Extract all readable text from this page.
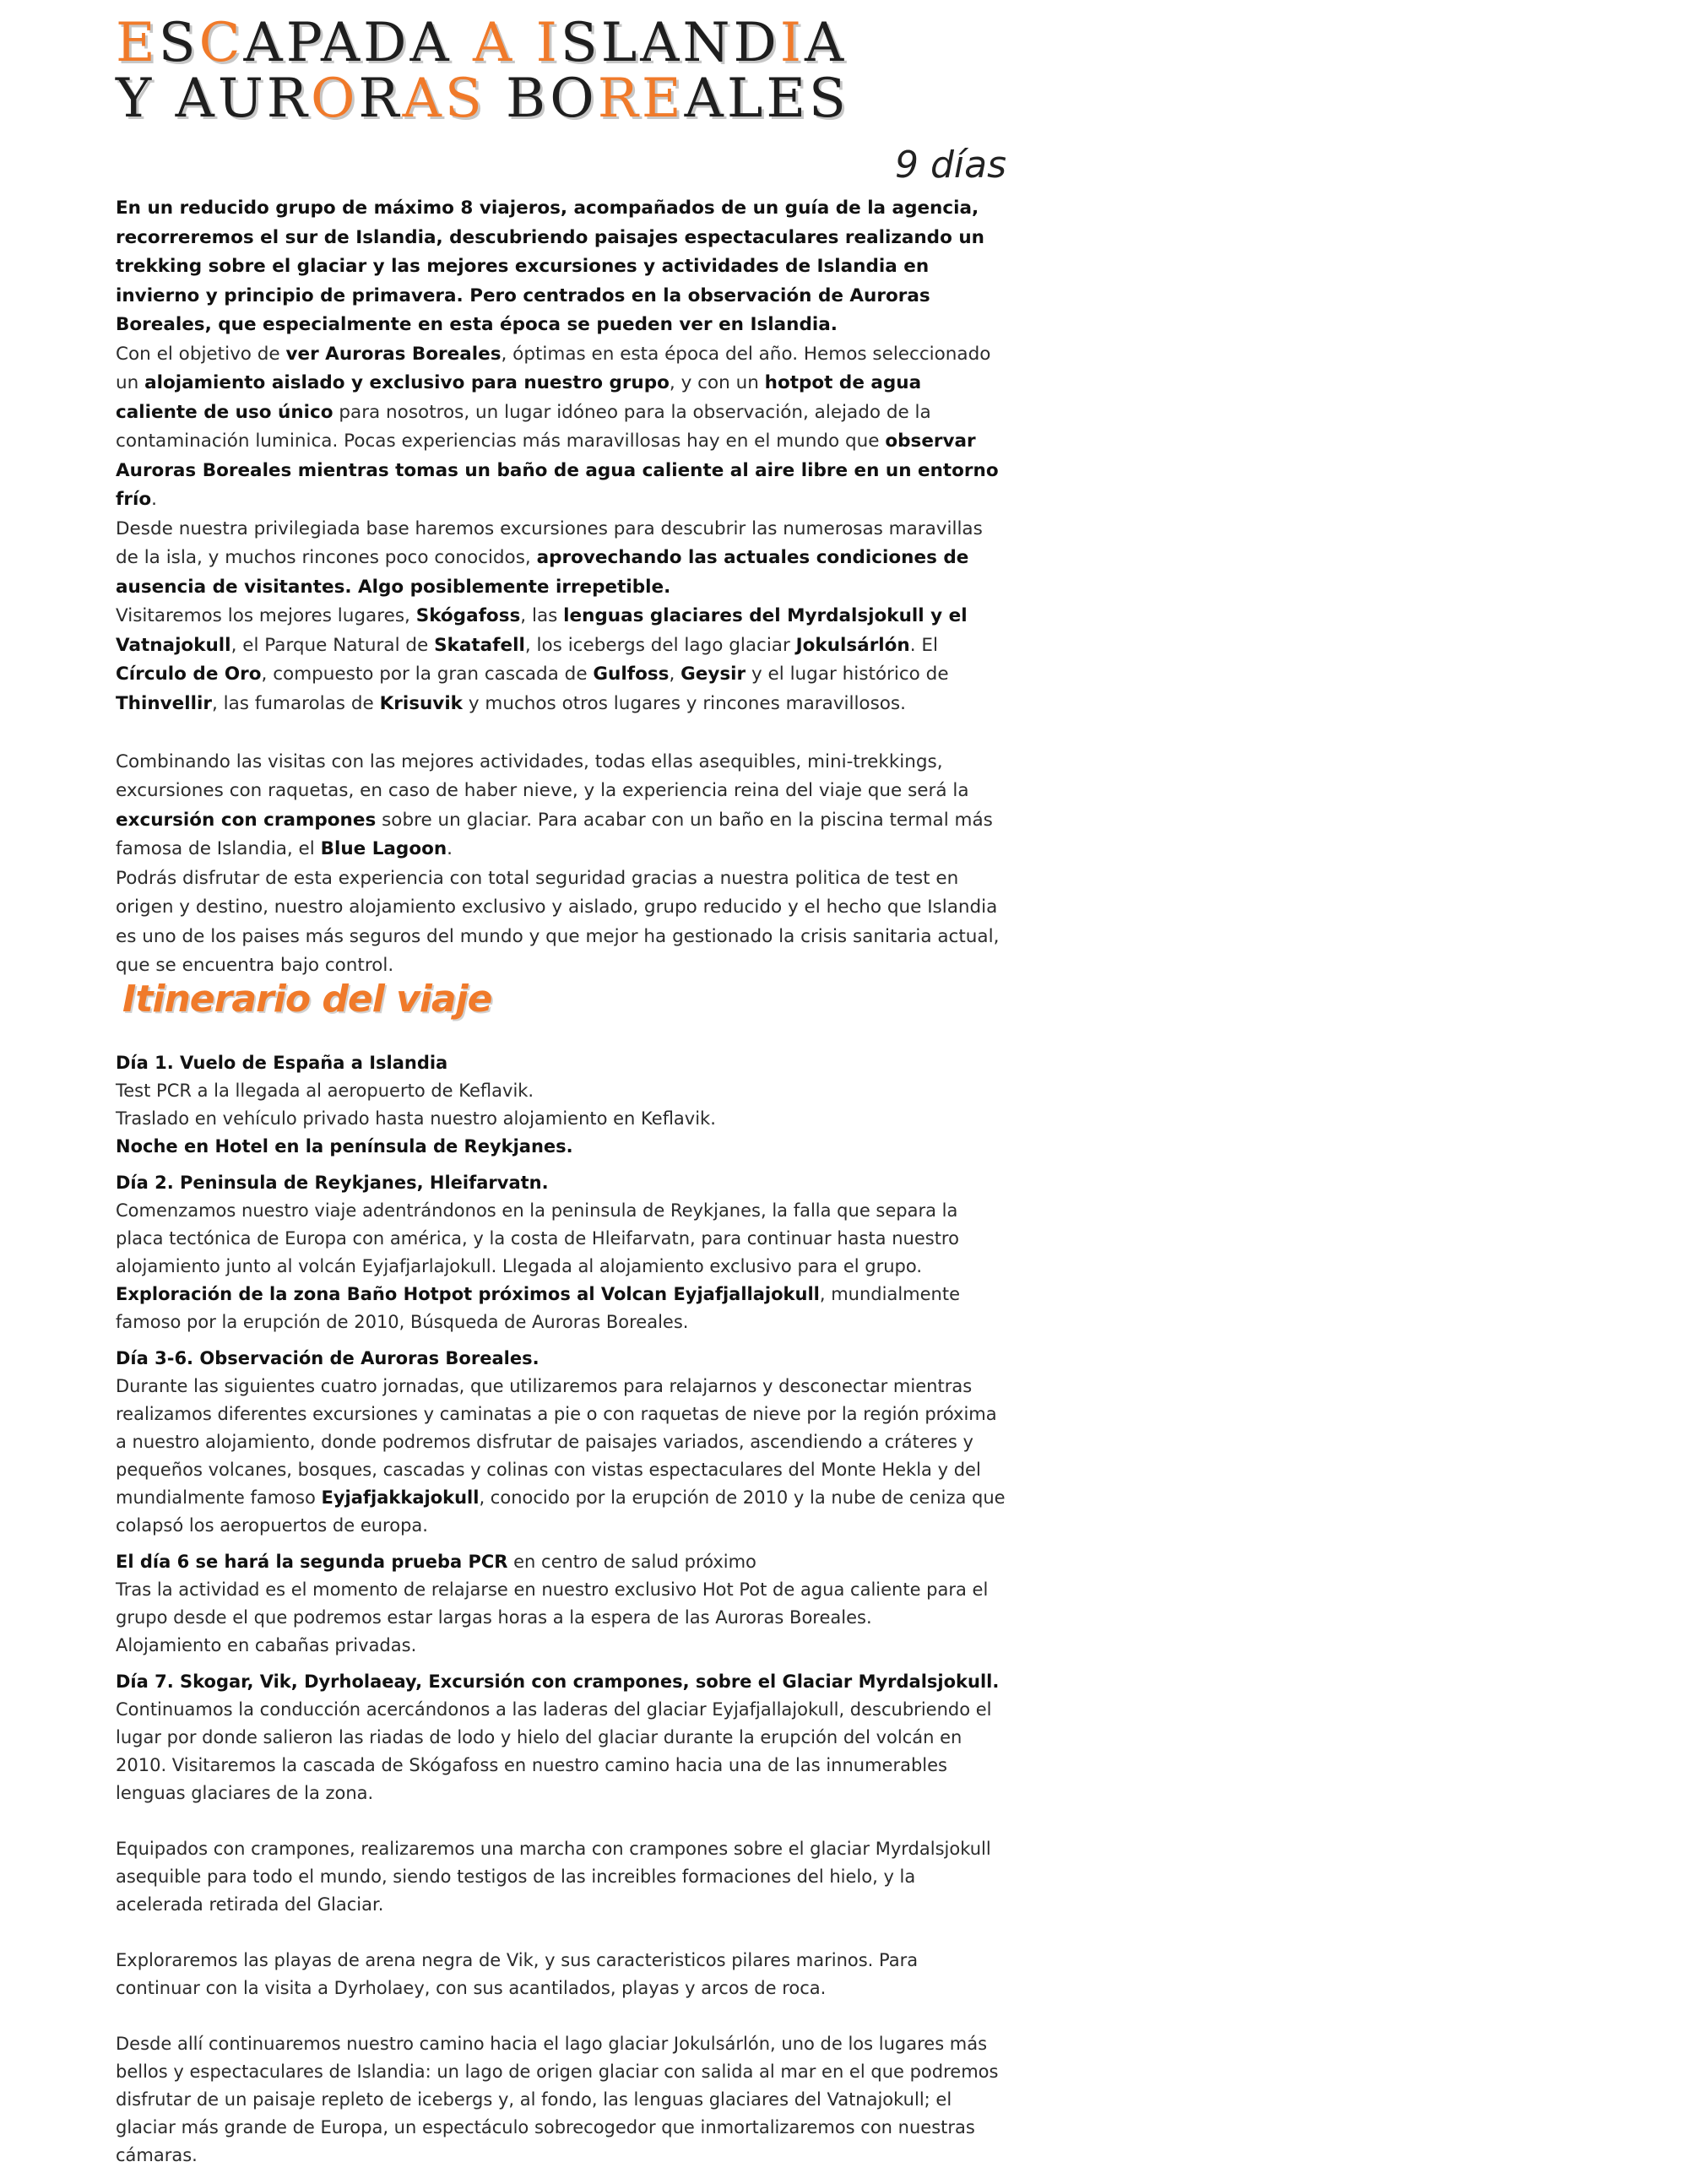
ESCAPADA A ISLANDIA
Y AURORAS BOREALES
9 días

En un reducido grupo de máximo 8 viajeros, acompañados de un guía de la agencia, recorreremos el sur de Islandia, descubriendo paisajes espectaculares realizando un trekking sobre el glaciar y las mejores excursiones y actividades de Islandia en invierno y principio de primavera. Pero centrados en la observación de Auroras Boreales, que especialmente en esta época se pueden ver en Islandia.

Con el objetivo de ver Auroras Boreales, óptimas en esta época del año. Hemos seleccionado un alojamiento aislado y exclusivo para nuestro grupo, y con un hotpot de agua caliente de uso único para nosotros, un lugar idóneo para la observación, alejado de la contaminación luminica. Pocas experiencias más maravillosas hay en el mundo que observar Auroras Boreales mientras tomas un baño de agua caliente al aire libre en un entorno frío.

Desde nuestra privilegiada base haremos excursiones para descubrir las numerosas maravillas de la isla, y muchos rincones poco conocidos, aprovechando las actuales condiciones de ausencia de visitantes. Algo posiblemente irrepetible.

Visitaremos los mejores lugares, Skógafoss, las lenguas glaciares del Myrdalsjokull y el Vatnajokull, el Parque Natural de Skatafell, los icebergs del lago glaciar Jokulsárlón. El Círculo de Oro, compuesto por la gran cascada de Gulfoss, Geysir y el lugar histórico de Thinvellir, las fumarolas de Krisuvik y muchos otros lugares y rincones maravillosos.

Combinando las visitas con las mejores actividades, todas ellas asequibles, mini-trekkings, excursiones con raquetas, en caso de haber nieve, y la experiencia reina del viaje que será la excursión con crampones sobre un glaciar. Para acabar con un baño en la piscina termal más famosa de Islandia, el Blue Lagoon.

Podrás disfrutar de esta experiencia con total seguridad gracias a nuestra politica de test en origen y destino, nuestro alojamiento exclusivo y aislado, grupo reducido y el hecho que Islandia es uno de los paises más seguros del mundo y que mejor ha gestionado la crisis sanitaria actual, que se encuentra bajo control.

Itinerario del viaje

Día 1. Vuelo de España a Islandia

Test PCR a la llegada al aeropuerto de Keflavik.

Traslado en vehículo privado hasta nuestro alojamiento en Keflavik.

Noche en Hotel en la península de Reykjanes.

Día 2. Peninsula de Reykjanes, Hleifarvatn.

Comenzamos nuestro viaje adentrándonos en la peninsula de Reykjanes, la falla que separa la placa tectónica de Europa con américa, y la costa de Hleifarvatn, para continuar hasta nuestro alojamiento junto al volcán Eyjafjarlajokull. Llegada al alojamiento exclusivo para el grupo. Exploración de la zona Baño Hotpot próximos al Volcan Eyjafjallajokull, mundialmente famoso por la erupción de 2010, Búsqueda de Auroras Boreales.

Día 3-6. Observación de Auroras Boreales.

Durante las siguientes cuatro jornadas, que utilizaremos para relajarnos y desconectar mientras realizamos diferentes excursiones y caminatas a pie o con raquetas de nieve por la región próxima a nuestro alojamiento, donde podremos disfrutar de paisajes variados, ascendiendo a cráteres y pequeños volcanes, bosques, cascadas y colinas con vistas espectaculares del Monte Hekla y del mundialmente famoso Eyjafjakkajokull, conocido por la erupción de 2010 y la nube de ceniza que colapsó los aeropuertos de europa.

El día 6 se hará la segunda prueba PCR en centro de salud próximo

Tras la actividad es el momento de relajarse en nuestro exclusivo Hot Pot de agua caliente para el grupo desde el que podremos estar largas horas a la espera de las Auroras Boreales.

Alojamiento en cabañas privadas.

Día 7. Skogar, Vik, Dyrholaeay, Excursión con crampones, sobre el Glaciar Myrdalsjokull.

Continuamos la conducción acercándonos a las laderas del glaciar Eyjafjallajokull, descubriendo el lugar por donde salieron las riadas de lodo y hielo del glaciar durante la erupción del volcán en 2010. Visitaremos la cascada de Skógafoss en nuestro camino hacia una de las innumerables lenguas glaciares de la zona.

Equipados con crampones, realizaremos una marcha con crampones sobre el glaciar Myrdalsjokull asequible para todo el mundo, siendo testigos de las increibles formaciones del hielo, y la acelerada retirada del Glaciar.

Exploraremos las playas de arena negra de Vik, y sus caracteristicos pilares marinos. Para continuar con la visita a Dyrholaey, con sus acantilados, playas y arcos de roca.

Desde allí continuaremos nuestro camino hacia el lago glaciar Jokulsárlón, uno de los lugares más bellos y espectaculares de Islandia: un lago de origen glaciar con salida al mar en el que podremos disfrutar de un paisaje repleto de icebergs y, al fondo, las lenguas glaciares del Vatnajokull; el glaciar más grande de Europa, un espectáculo sobrecogedor que inmortalizaremos con nuestras cámaras.
